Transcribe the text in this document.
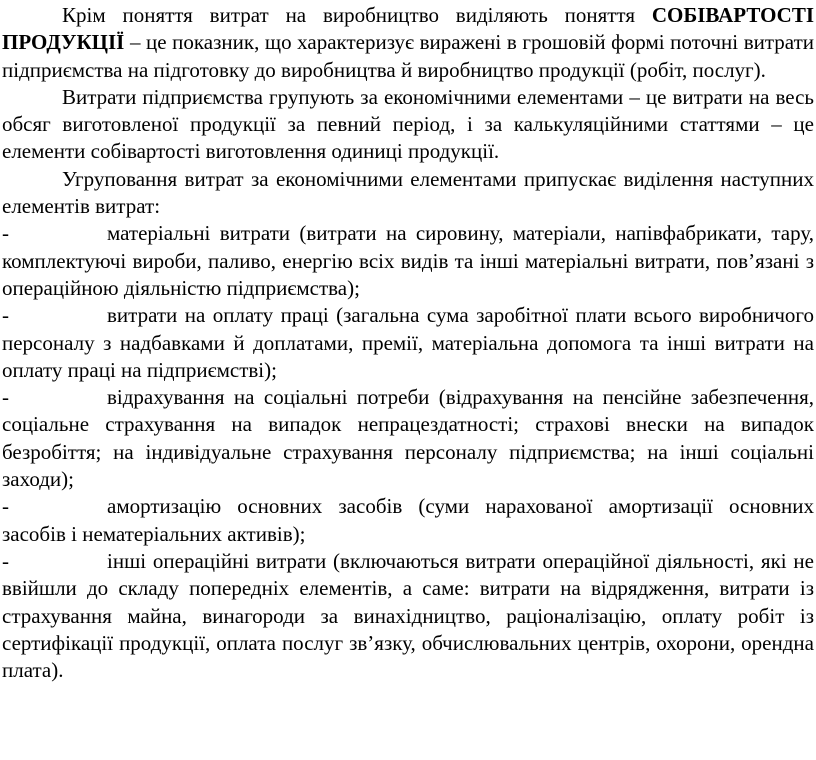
Крім поняття витрат на виробництво виділяють поняття СОБІВАРТОСТІ ПРОДУКЦІЇ – це показник, що характеризує виражені в грошовій формі поточні витрати підприємства на підготовку до виробництва й виробництво продукції (робіт, послуг).

Витрати підприємства групують за економічними елементами – це витрати на весь обсяг виготовленої продукції за певний період, і за калькуляційними статтями – це елементи собівартості виготовлення одиниці продукції.

Угруповання витрат за економічними елементами припускає виділення наступних елементів витрат:

-	матеріальні витрати (витрати на сировину, матеріали, напівфабрикати, тару, комплектуючі вироби, паливо, енергію всіх видів та інші матеріальні витрати, пов’язані з операційною діяльністю підприємства);

-	витрати на оплату праці (загальна сума заробітної плати всього виробничого персоналу з надбавками й доплатами, премії, матеріальна допомога та інші витрати на оплату праці на підприємстві);

-	відрахування на соціальні потреби (відрахування на пенсійне забезпечення, соціальне страхування на випадок непрацездатності; страхові внески на випадок безробіття; на індивідуальне страхування персоналу підприємства; на інші соціальні заходи);

-	амортизацію основних засобів (суми нарахованої амортизації основних засобів і нематеріальних активів);

-	інші операційні витрати (включаються витрати операційної діяльності, які не ввійшли до складу попередніх елементів, а саме: витрати на відрядження, витрати із страхування майна, винагороди за винахідництво, раціоналізацію, оплату робіт із сертифікації продукції, оплата послуг зв’язку, обчислювальних центрів, охорони, орендна плата).
